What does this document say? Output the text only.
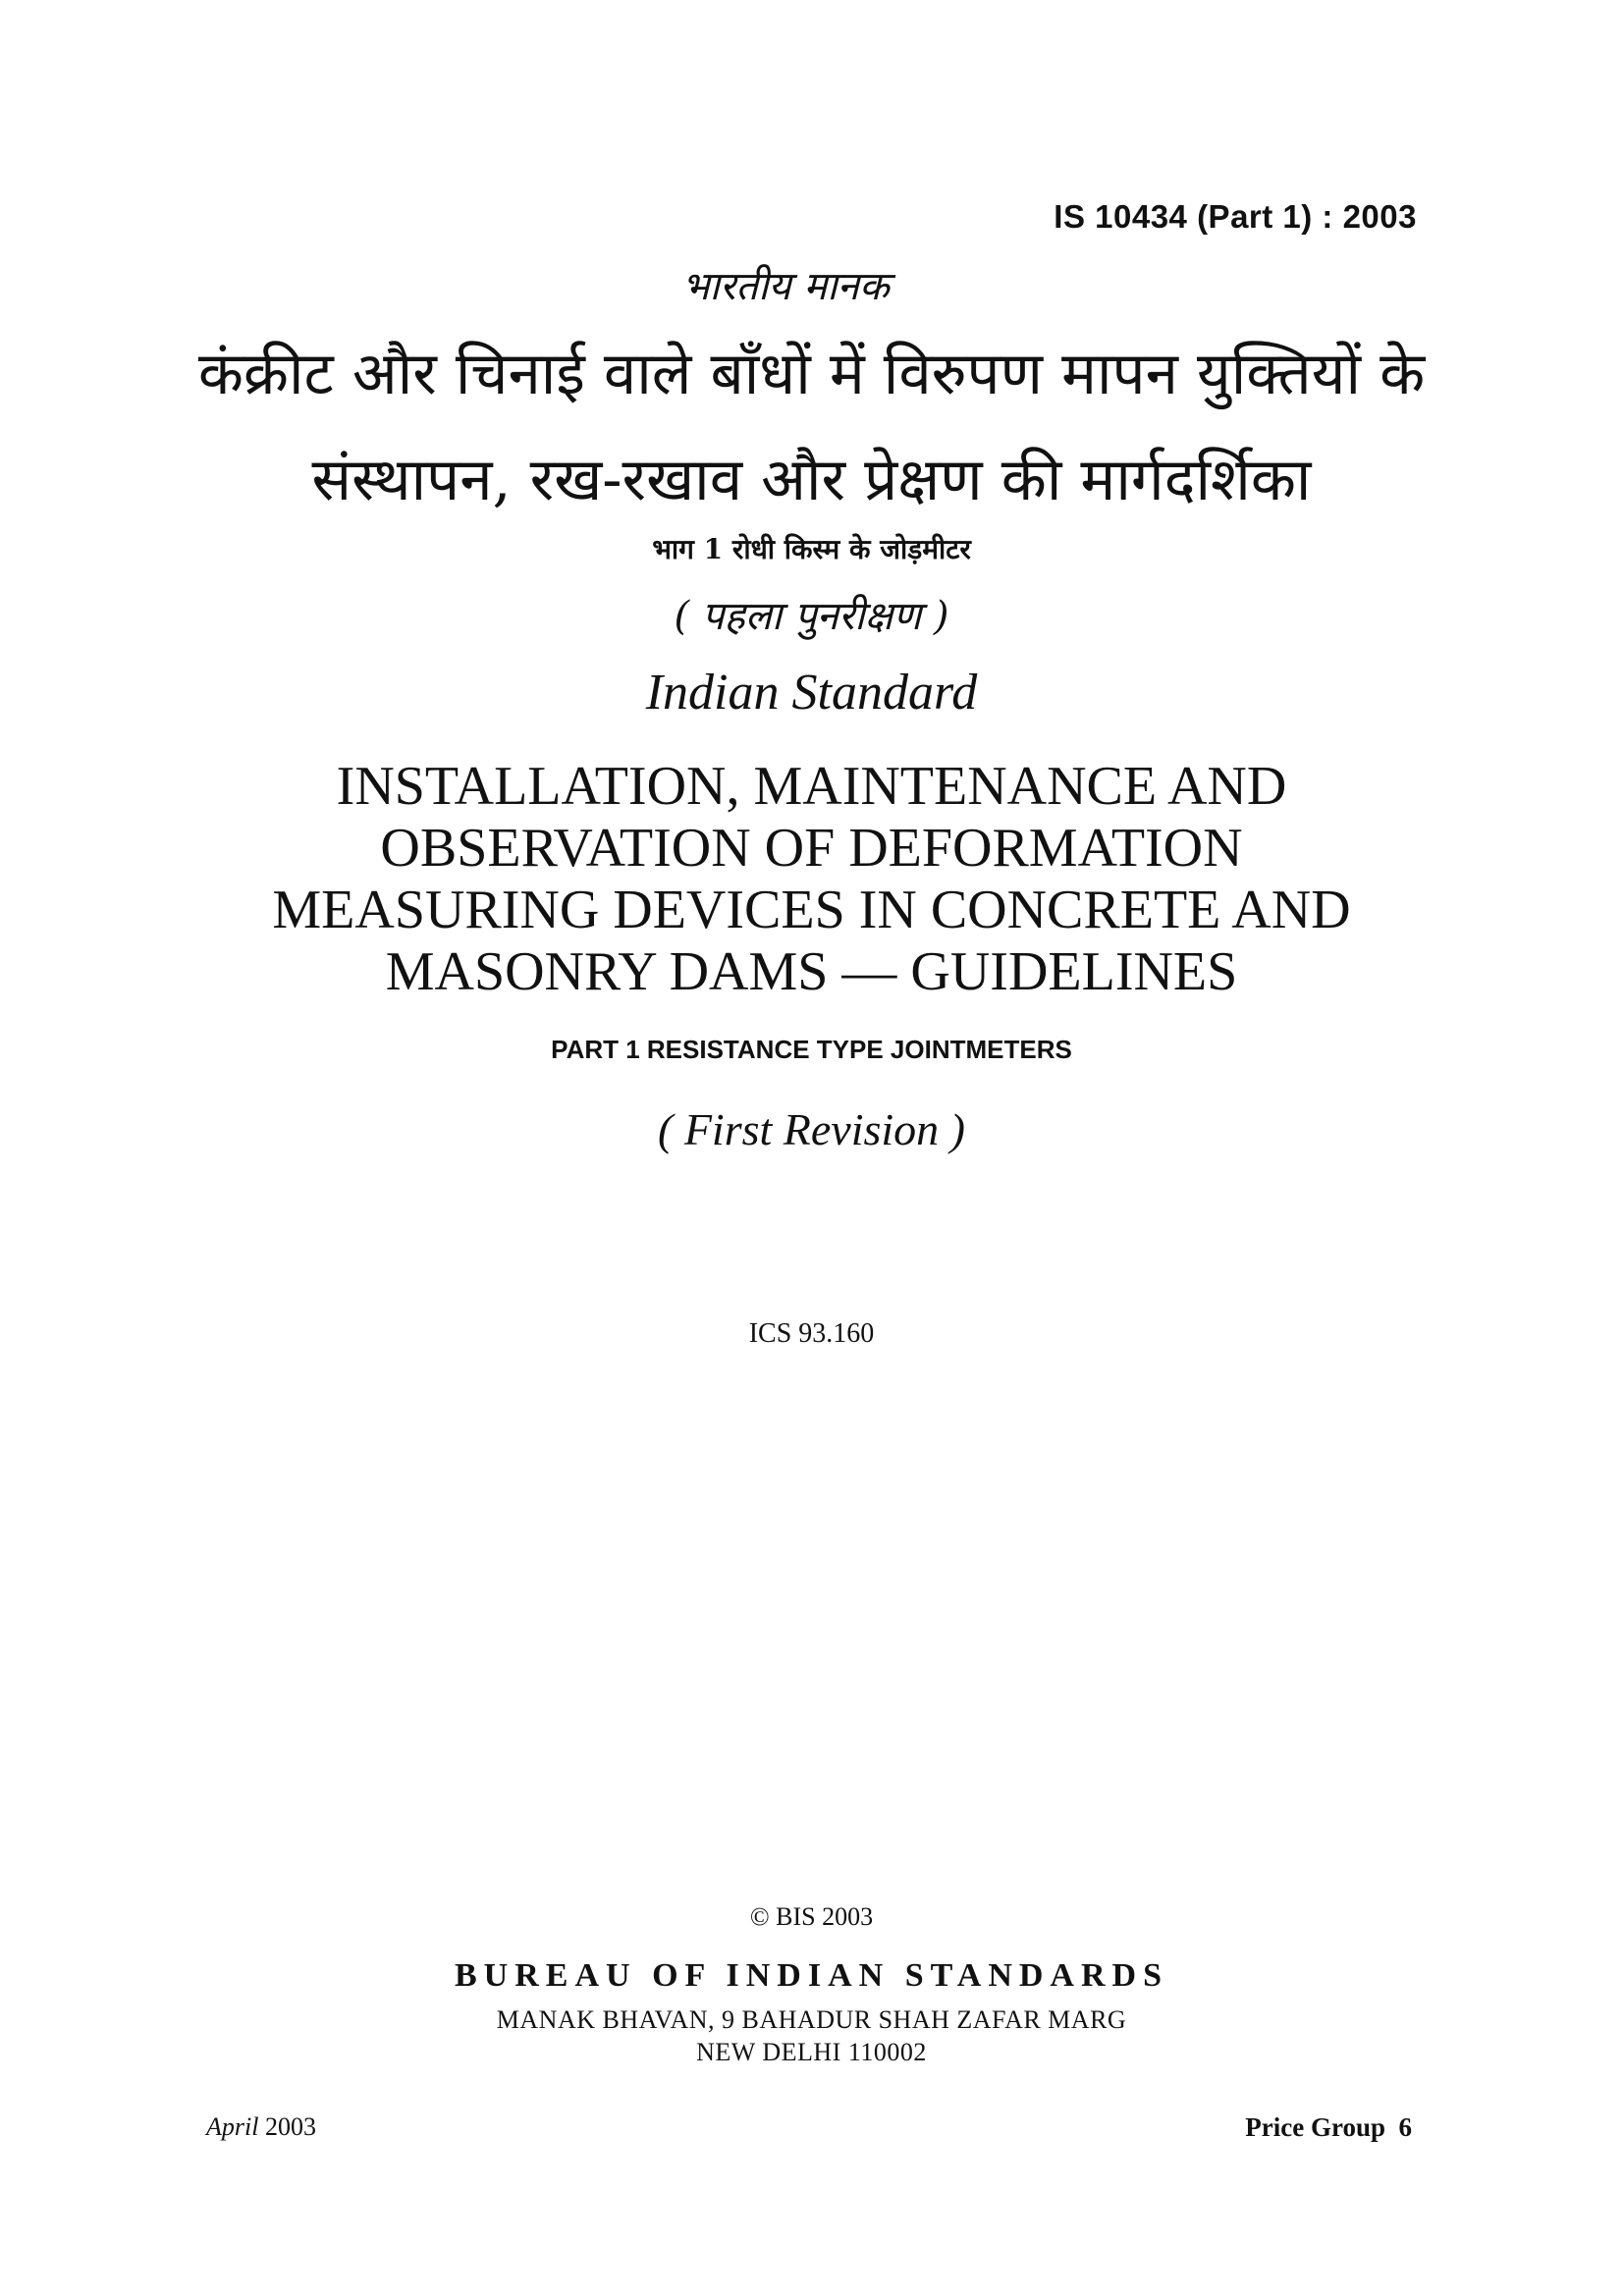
IS 10434 (Part 1) : 2003
भारतीय मानक
कंक्रीट और चिनाई वाले बाँधों में विरुपण मापन युक्तियों के
संस्थापन, रख-रखाव और प्रेक्षण की मार्गदर्शिका
भाग 1 रोधी किस्म के जोड़मीटर
( पहला पुनरीक्षण )
Indian Standard
INSTALLATION, MAINTENANCE AND
OBSERVATION OF DEFORMATION
MEASURING DEVICES IN CONCRETE AND
MASONRY DAMS — GUIDELINES
PART 1 RESISTANCE TYPE JOINTMETERS
( First Revision )
ICS 93.160
© BIS 2003
BUREAU OF INDIAN STANDARDS
MANAK BHAVAN, 9 BAHADUR SHAH ZAFAR MARG
NEW DELHI 110002
April 2003	Price Group 6
